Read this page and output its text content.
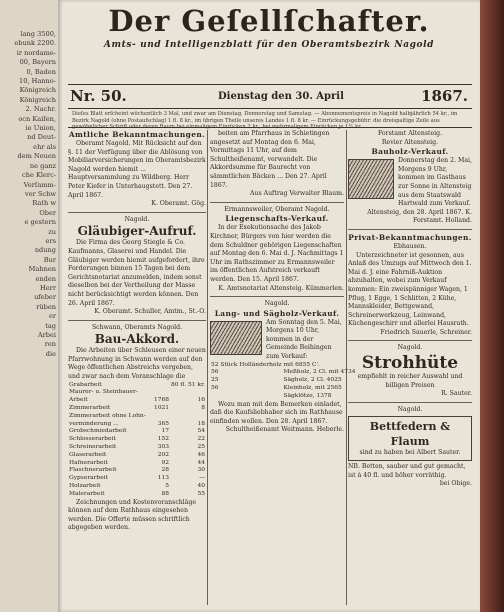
lang 3500,
ebunk 2200.
ir nordame-
00, Bayern
0, Baden
10, Hanno-
Königreich
Königreich
2. Nachr.
ocn Kaiſen,
ie Union,
nd Deut-
ehr als
dem Neuen
ne ganz
che Klerc-
Verſamm-
ver Schw
Rath w
Ober
e gestern
zu
ers
ndung
Bur
Mahnen
enden
Herr
ufeber
rüben
er
tag
Arbei
ren
die
Der Geſellſchafter.
Amts- und Intelligenzblatt für den Oberamtsbezirk Nagold
Nr. 50.	Dienstag den 30. April	1867.
Dieſes Blatt erſcheint wöchentlich 3 Mal, und zwar am Dienstag, Donnerstag und Samstag. — Abonnementspreis in Nagold halbjährlich 54 kr., im Bezirk Nagold (ohne Postaufschlag) 1 fl. 8 kr., im übrigen Theile unseres Landes 1 fl. 8 kr. — Einrückungsgebühr: die dreispaltige Zeile aus
Amtliche Bekanntmachungen.

Oberamt Nagold. Mit Rücksicht auf den §. 11 der Verfügung über die Ablösung von Mobiliarversicherungen im Oberamtsbezirk Nagold werden hiemit ... Hauptversammlung zu Wildberg. Herr Peter Kiefer in Unterhaugstett. Den 27. April 1867.

K. Oberamt. Gög.

Nagold.

Gläubiger-Aufruf.

Die Firma des Georg Stiegle & Co. Kaufmanns, Glaserei und Handel. Die Gläubiger werden hiemit aufgefordert, ihre Forderungen binnen 15 Tagen bei dem Gerichtsnotariat anzumelden, indem sonst dieselben bei der Vertheilung der Masse nicht berücksichtigt werden können. Den 26. April 1867.

K. Oberamt. Schuller, Amtm., St.-O.

Schwann, Oberamts Nagold.

Bau-Akkord.

Die Arbeiten über Schleusen einer neuen Pfarrwohnung in Schwann werden auf den Wege öffentlichen Abstreichs vergeben, und zwar nach dem Voranschlage die

Grabarbeit		80 fl. 51 kr.
Maurer- u. Steinhauer-		
Arbeit	1768	16
Zimmerarbeit	1021	8
Zimmerarbeit ohne Lohn-		
verminderung ...	365	18
Grobschmiedarbeit	17	54
Schlosserarbeit	152	22
Schreinerarbeit	303	25
Glaserarbeit	202	46
Hafnerarbeit	92	44
Flaschnerarbeit	28	30
Gypserarbeit	113	—
Holzarbeit	5	40
Malerarbeit	88	55

Zeichnungen und Kostenvoranschläge können auf dem Rathhaus eingesehen werden. Die Offerte müssen schriftlich abgegeben werden.

beiten am Pfarrhaus in Schietingen angesetzt auf Montag den 6. Mai, Vormittags 11 Uhr, auf dem Schultheißenamt, verwandelt. Die Akkordsumme für Baurecht von sämmtlichen Bäcken ... Den 27. April 1867.

Aus Auftrag Verwalter Blaum.

Ermannsweiler, Oberamt Nagold.

Liegenschafts-Verkauf.

In der Exekutionsache des Jakob Kirchner, Bürgers von hier werden die dem Schuldner gehörigen Liegenschaften auf Montag den 6. Mai d. J. Nachmittags 1 Uhr im Rathszimmer zu Ermannsweiler im öffentlichen Aufstreich verkauft werden. Den 15. April 1867.

K. Amtsnotariat Altensteig. Kümmerlen.

Nagold.

Lang- und Sägholz-Verkauf.

Am Sonntag den 5. Mai, Morgens 10 Uhr, kommen in der Gemeinde Beihingen zum Verkauf:

52 Stück Holländerholz	mit 6855 C'.
56	Meßholz, 2 Cl. mit 4734
25	Sägholz, 2 Cl. 4025
56	Kleinholz, mit 2565
	Sägklötze, 1378

Wozu man mit dem Bemerken einladet, daß die Kaufsliebhaber sich im Rathhause einfinden wollen. Den 28. April 1867.

Schultheißenamt Weitmann. Heberle.

Forstamt Altensteig.

Revier Altensteig.

Bauholz-Verkauf.

Donnerstag den 2. Mai, Morgens 9 Uhr, kommen im Gasthaus zur Sonne in Altensteig aus dem Staatswald Hartwald zum Verkauf.

Altensteig, den 28. April 1867. K. Forstamt. Holland.

Privat-Bekanntmachungen.

Ebhausen.

Unterzeichneter ist gesonnen, aus Anlaß des Umzugs auf Mittwoch den 1. Mai d. J. eine Fahrniß-Auktion abzuhalten, wobei zum Verkauf kommen: Ein zweispänniger Wagen, 1 Pflug, 1 Egge, 1 Schlitten, 2 Kühe, Mannskleider, Bettgewand, Schreinerwerkzeug, Leinwand, Küchengeschirr und allerlei Hausrath.

Friedrich Sauerle, Schreiner.

Nagold.

Strohhüte

empfiehlt in reicher Auswahl und billigen Preisen

R. Sauter.

Nagold.

Bettfedern & Flaum

sind zu haben bei Albert Sauter.

NB. Betten, sauber und gut gemacht, ist à 40 fl. und höher vorräthig.

bei Obige.
